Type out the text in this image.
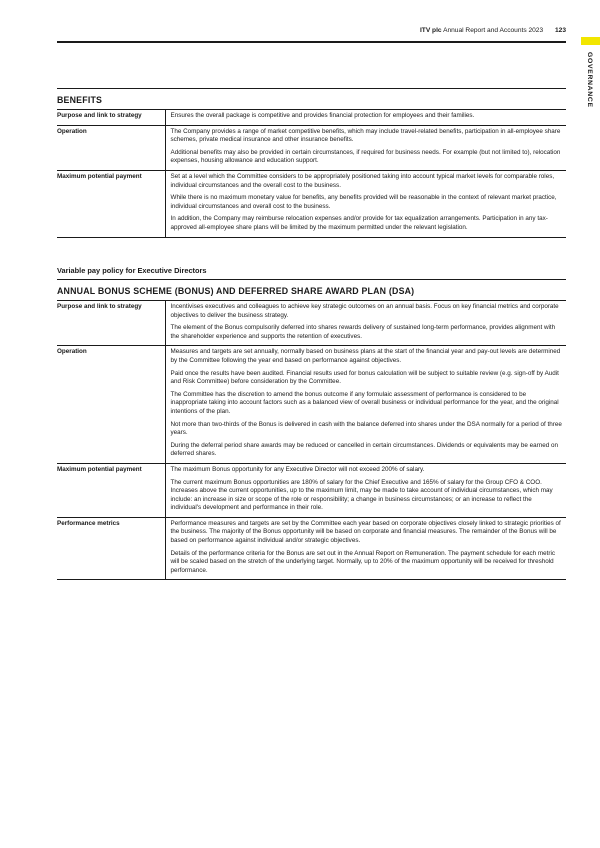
ITV plc Annual Report and Accounts 2023 123
GOVERNANCE
BENEFITS
Purpose and link to strategy	Ensures the overall package is competitive and provides financial protection for employees and their families.

Operation	The Company provides a range of market competitive benefits, which may include travel-related benefits, participation in all-employee share schemes, private medical insurance and other insurance benefits.

Additional benefits may also be provided in certain circumstances, if required for business needs. For example (but not limited to), relocation expenses, housing allowance and education support.

Maximum potential payment	Set at a level which the Committee considers to be appropriately positioned taking into account typical market levels for comparable roles, individual circumstances and the overall cost to the business.

While there is no maximum monetary value for benefits, any benefits provided will be reasonable in the context of relevant market practice, individual circumstances and overall cost to the business.

In addition, the Company may reimburse relocation expenses and/or provide for tax equalization arrangements. Participation in any tax-approved all-employee share plans will be limited by the maximum permitted under the relevant legislation.

Variable pay policy for Executive Directors
ANNUAL BONUS SCHEME (BONUS) AND DEFERRED SHARE AWARD PLAN (DSA)
Purpose and link to strategy	Incentivises executives and colleagues to achieve key strategic outcomes on an annual basis. Focus on key financial metrics and corporate objectives to deliver the business strategy.

The element of the Bonus compulsorily deferred into shares rewards delivery of sustained long-term performance, provides alignment with the shareholder experience and supports the retention of executives.

Operation	Measures and targets are set annually, normally based on business plans at the start of the financial year and pay-out levels are determined by the Committee following the year end based on performance against objectives.

Paid once the results have been audited. Financial results used for bonus calculation will be subject to suitable review (e.g. sign-off by Audit and Risk Committee) before consideration by the Committee.

The Committee has the discretion to amend the bonus outcome if any formulaic assessment of performance is considered to be inappropriate taking into account factors such as a balanced view of overall business or individual performance for the year, and the original intentions of the plan.

Not more than two-thirds of the Bonus is delivered in cash with the balance deferred into shares under the DSA normally for a period of three years.

During the deferral period share awards may be reduced or cancelled in certain circumstances. Dividends or equivalents may be earned on deferred shares.

Maximum potential payment	The maximum Bonus opportunity for any Executive Director will not exceed 200% of salary.

The current maximum Bonus opportunities are 180% of salary for the Chief Executive and 165% of salary for the Group CFO & COO. Increases above the current opportunities, up to the maximum limit, may be made to take account of individual circumstances, which may include: an increase in size or scope of the role or responsibility; a change in business circumstances; or an increase to reflect the individual's development and performance in their role.

Performance metrics	Performance measures and targets are set by the Committee each year based on corporate objectives closely linked to strategic priorities of the business. The majority of the Bonus opportunity will be based on corporate and financial measures. The remainder of the Bonus will be based on performance against individual and/or strategic objectives.

Details of the performance criteria for the Bonus are set out in the Annual Report on Remuneration. The payment schedule for each metric will be scaled based on the stretch of the underlying target. Normally, up to 20% of the maximum opportunity will be received for threshold performance.
